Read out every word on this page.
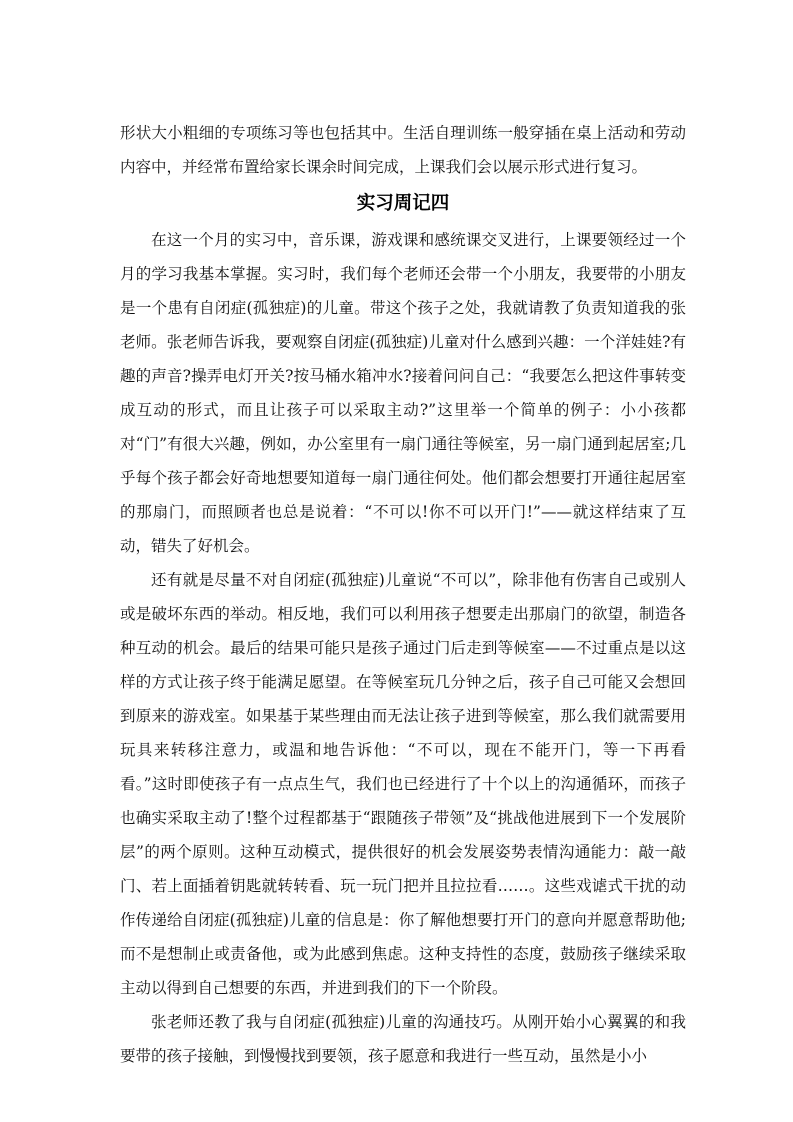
形状大小粗细的专项练习等也包括其中。生活自理训练一般穿插在桌上活动和劳动内容中，并经常布置给家长课余时间完成，上课我们会以展示形式进行复习。

实习周记四

在这一个月的实习中，音乐课，游戏课和感统课交叉进行，上课要领经过一个月的学习我基本掌握。实习时，我们每个老师还会带一个小朋友，我要带的小朋友是一个患有自闭症(孤独症)的儿童。带这个孩子之处，我就请教了负责知道我的张老师。张老师告诉我，要观察自闭症(孤独症)儿童对什么感到兴趣：一个洋娃娃?有趣的声音?操弄电灯开关?按马桶水箱冲水?接着问问自己：“我要怎么把这件事转变成互动的形式，而且让孩子可以采取主动?”这里举一个简单的例子：小小孩都对“门”有很大兴趣，例如，办公室里有一扇门通往等候室，另一扇门通到起居室;几乎每个孩子都会好奇地想要知道每一扇门通往何处。他们都会想要打开通往起居室的那扇门，而照顾者也总是说着：“不可以!你不可以开门!”——就这样结束了互动，错失了好机会。

还有就是尽量不对自闭症(孤独症)儿童说“不可以”，除非他有伤害自己或别人或是破坏东西的举动。相反地，我们可以利用孩子想要走出那扇门的欲望，制造各种互动的机会。最后的结果可能只是孩子通过门后走到等候室——不过重点是以这样的方式让孩子终于能满足愿望。在等候室玩几分钟之后，孩子自己可能又会想回到原来的游戏室。如果基于某些理由而无法让孩子进到等候室，那么我们就需要用玩具来转移注意力，或温和地告诉他：“不可以，现在不能开门，等一下再看看。”这时即使孩子有一点点生气，我们也已经进行了十个以上的沟通循环，而孩子也确实采取主动了!整个过程都基于“跟随孩子带领”及“挑战他进展到下一个发展阶层”的两个原则。这种互动模式，提供很好的机会发展姿势表情沟通能力：敲一敲门、若上面插着钥匙就转转看、玩一玩门把并且拉拉看……。这些戏谑式干扰的动作传递给自闭症(孤独症)儿童的信息是：你了解他想要打开门的意向并愿意帮助他;而不是想制止或责备他，或为此感到焦虑。这种支持性的态度，鼓励孩子继续采取主动以得到自己想要的东西，并进到我们的下一个阶段。

张老师还教了我与自闭症(孤独症)儿童的沟通技巧。从刚开始小心翼翼的和我要带的孩子接触，到慢慢找到要领，孩子愿意和我进行一些互动，虽然是小小
